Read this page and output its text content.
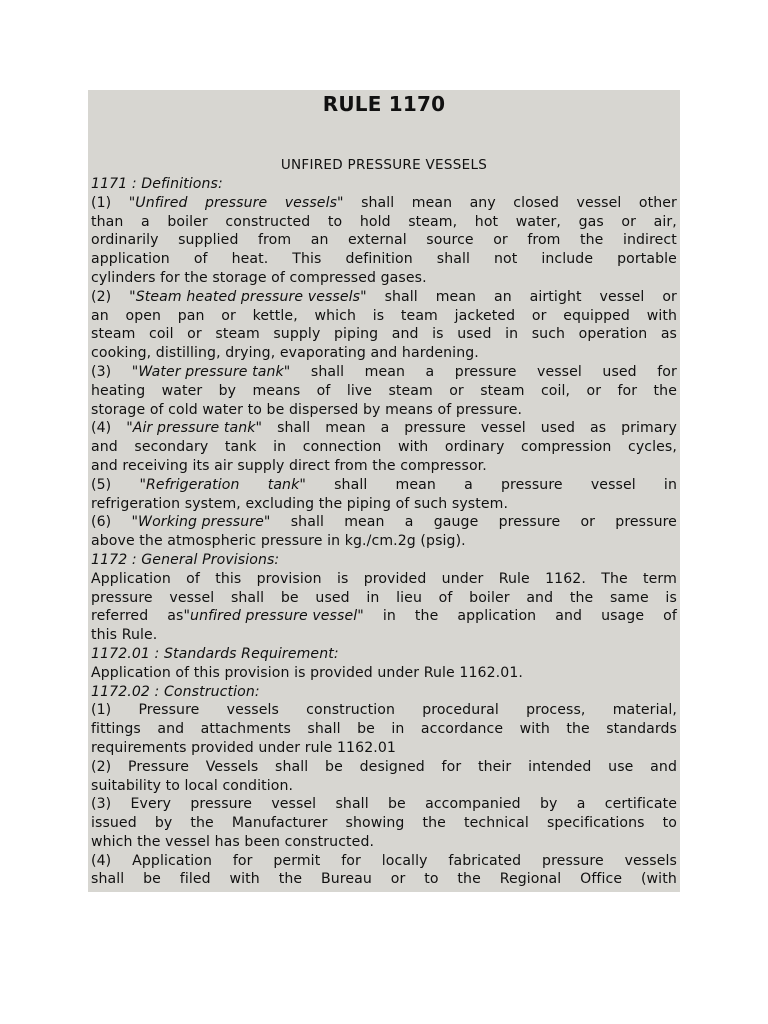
RULE 1170
UNFIRED PRESSURE VESSELS
1171 : Definitions:
(1) "Unfired pressure vessels" shall mean any closed vessel other
than a boiler constructed to hold steam, hot water, gas or air,
ordinarily supplied from an external source or from the indirect
application of heat. This definition shall not include portable
cylinders for the storage of compressed gases.
(2) "Steam heated pressure vessels" shall mean an airtight vessel or
an open pan or kettle, which is team jacketed or equipped with
steam coil or steam supply piping and is used in such operation as
cooking, distilling, drying, evaporating and hardening.
(3) "Water pressure tank" shall mean a pressure vessel used for
heating water by means of live steam or steam coil, or for the
storage of cold water to be dispersed by means of pressure.
(4) "Air pressure tank" shall mean a pressure vessel used as primary
and secondary tank in connection with ordinary compression cycles,
and receiving its air supply direct from the compressor.
(5) "Refrigeration tank" shall mean a pressure vessel in
refrigeration system, excluding the piping of such system.
(6) "Working pressure" shall mean a gauge pressure or pressure
above the atmospheric pressure in kg./cm.2g (psig).
1172 : General Provisions:
Application of this provision is provided under Rule 1162. The term
pressure vessel shall be used in lieu of boiler and the same is
referred as"unfired pressure vessel" in the application and usage of
this Rule.
1172.01 : Standards Requirement:
Application of this provision is provided under Rule 1162.01.
1172.02 : Construction:
(1) Pressure vessels construction procedural process, material,
fittings and attachments shall be in accordance with the standards
requirements provided under rule 1162.01
(2) Pressure Vessels shall be designed for their intended use and
suitability to local condition.
(3) Every pressure vessel shall be accompanied by a certificate
issued by the Manufacturer showing the technical specifications to
which the vessel has been constructed.
(4) Application for permit for locally fabricated pressure vessels
shall be filed with the Bureau or to the Regional Office (with
